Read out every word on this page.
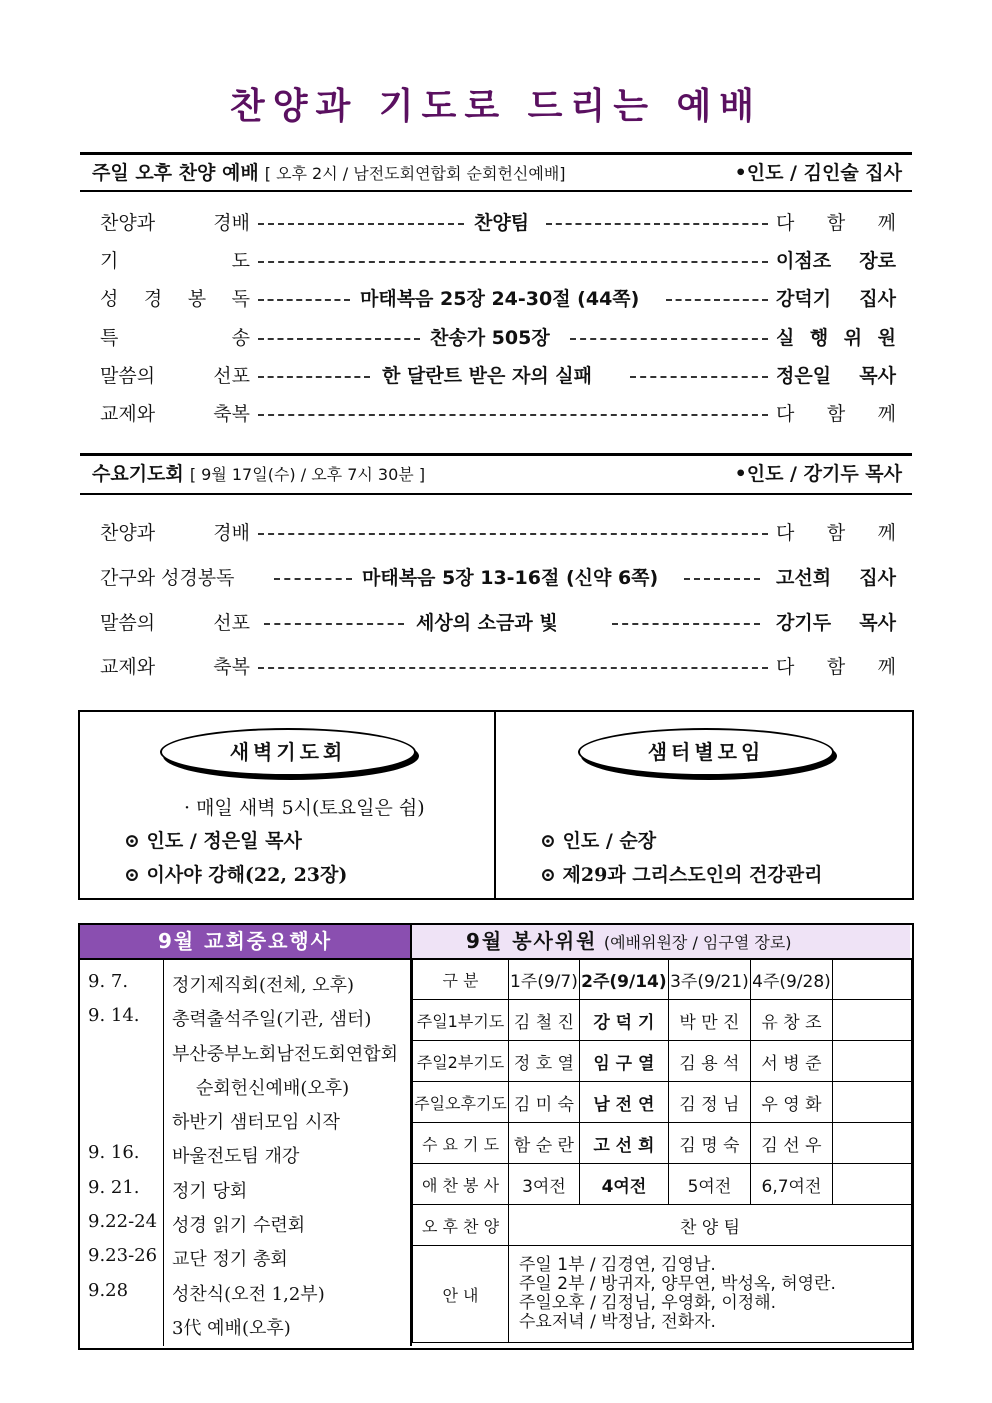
찬양과 기도로 드리는 예배
주일 오후 찬양 예배 [ 오후 2시 / 남전도회연합회 순회헌신예배]	•인도 / 김인술 집사
찬양과 경배	찬양팀	다 함 께
기 도	이점조 장로
성 경 봉 독	마태복음 25장 24-30절 (44쪽)	강덕기 집사
특 송	찬송가 505장	실 행 위 원
말씀의 선포	한 달란트 받은 자의 실패	정은일 목사
교제와 축복	다 함 께
수요기도회 [ 9월 17일(수) / 오후 7시 30분 ]	•인도 / 강기두 목사
찬양과 경배	다 함 께
간구와 성경봉독	마태복음 5장 13-16절 (신약 6쪽)	고선희 집사
말씀의 선포	세상의 소금과 빛	강기두 목사
교제와 축복	다 함 께
새벽기도회
· 매일 새벽 5시(토요일은 쉼)
⊙ 인도 / 정은일 목사
⊙ 이사야 강해(22, 23장)
샘터별모임
⊙ 인도 / 순장
⊙ 제29과 그리스도인의 건강관리
9월 교회중요행사	9월 봉사위원 (예배위원장 / 임구열 장로)
9. 7. 정기제직회(전체, 오후)
9. 14. 총력출석주일(기관, 샘터)
부산중부노회남전도회연합회
순회헌신예배(오후)
하반기 샘터모임 시작
9. 16. 바울전도팀 개강
9. 21. 정기 당회
9.22-24 성경 읽기 수련회
9.23-26 교단 정기 총회
9.28 성찬식(오전 1,2부)
3代 예배(오후)
구 분	1주(9/7)	2주(9/14)	3주(9/21)	4주(9/28)	
주일1부기도	김 철 진	강 덕 기	박 만 진	유 창 조	
주일2부기도	정 호 열	임 구 열	김 용 석	서 병 준	
주일오후기도	김 미 숙	남 전 연	김 정 님	우 영 화	
수 요 기 도	함 순 란	고 선 희	김 명 숙	김 선 우	
애 찬 봉 사	3여전	4여전	5여전	6,7여전	
오 후 찬 양	찬 양 팀				
안 내	주일 1부 / 김경연, 김영남.
주일 2부 / 방귀자, 양무연, 박성옥, 허영란.
주일오후 / 김정님, 우영화, 이정해.
수요저녁 / 박정남, 전화자.				
